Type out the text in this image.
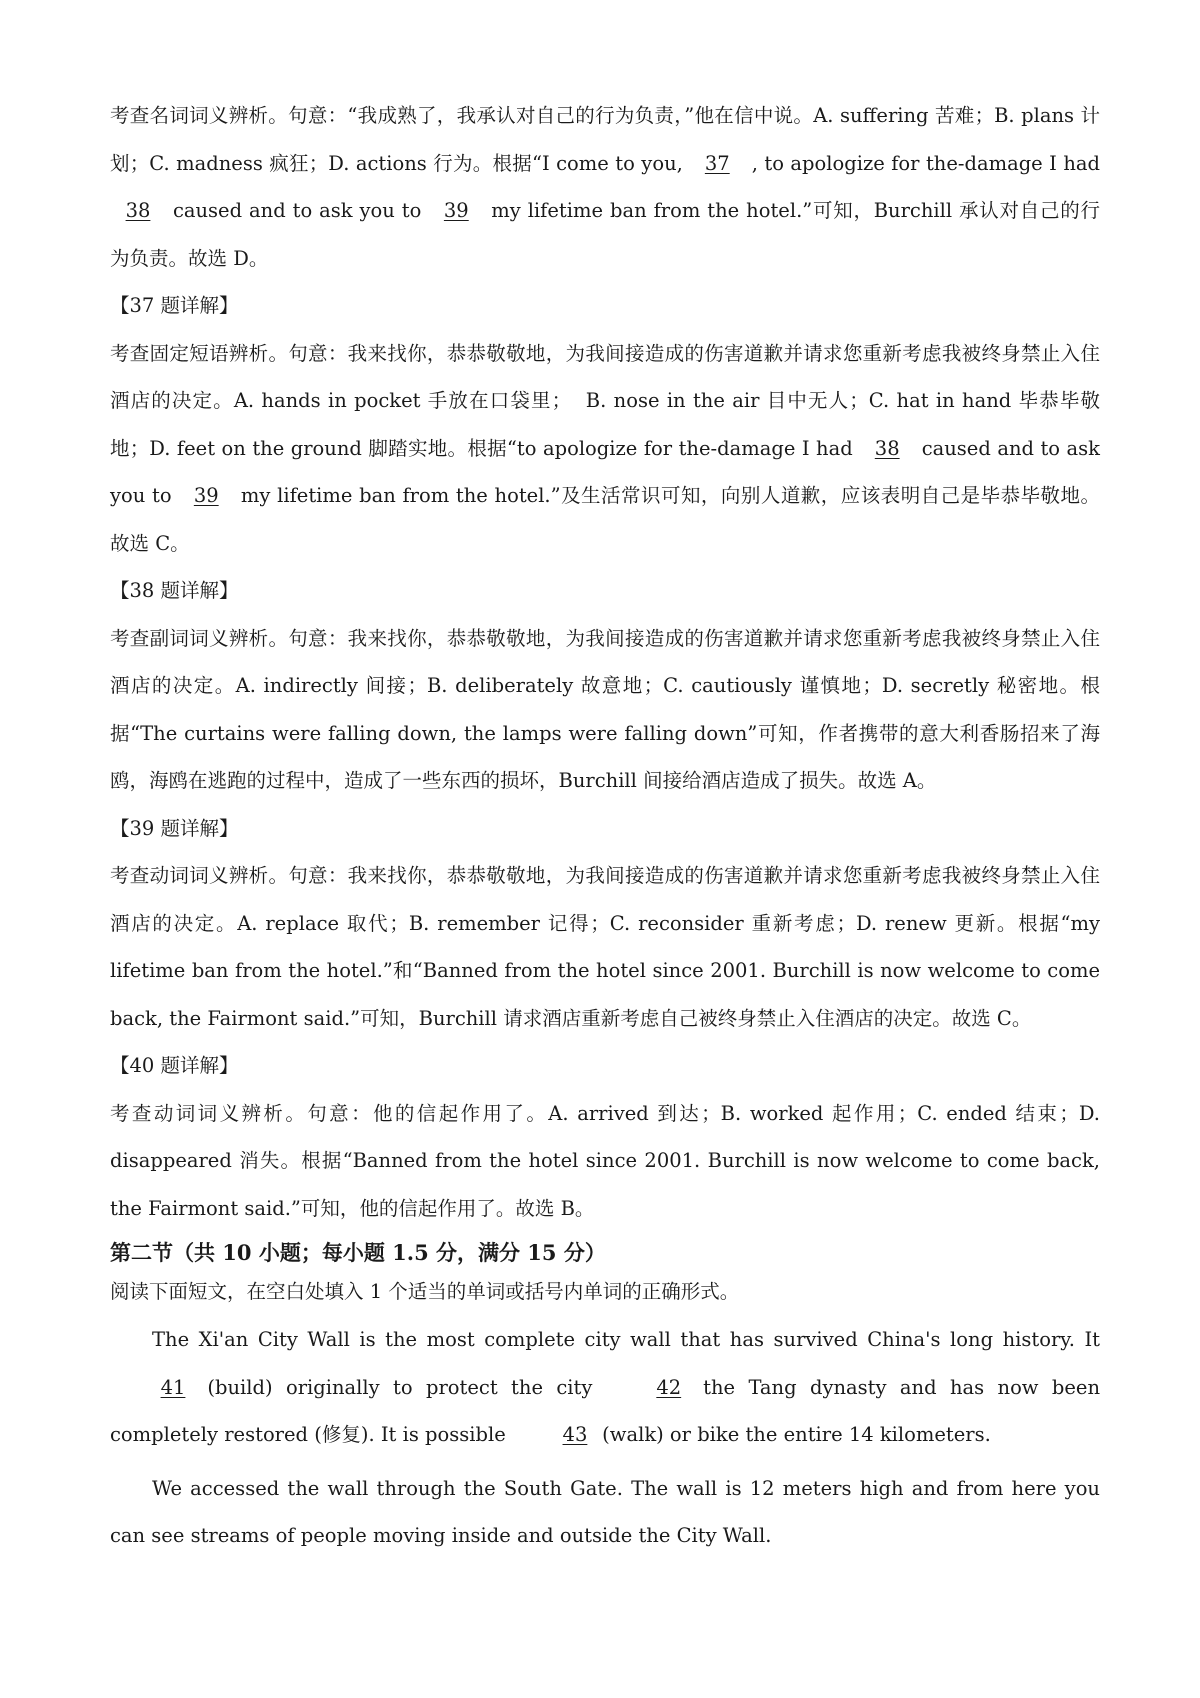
考查名词词义辨析。句意：“我成熟了，我承认对自己的行为负责，”他在信中说。A. suffering 苦难；B. plans 计划；C. madness 疯狂；D. actions 行为。根据“I come to you, 37 , to apologize for the-damage I had 38 caused and to ask you to 39 my lifetime ban from the hotel.”可知，Burchill 承认对自己的行为负责。故选 D。

【37 题详解】

考查固定短语辨析。句意：我来找你，恭恭敬敬地，为我间接造成的伤害道歉并请求您重新考虑我被终身禁止入住酒店的决定。A. hands in pocket 手放在口袋里；  B. nose in the air 目中无人；C. hat in hand 毕恭毕敬地；D. feet on the ground 脚踏实地。根据“to apologize for the-damage I had 38 caused and to ask you to 39 my lifetime ban from the hotel.”及生活常识可知，向别人道歉，应该表明自己是毕恭毕敬地。故选 C。

【38 题详解】

考查副词词义辨析。句意：我来找你，恭恭敬敬地，为我间接造成的伤害道歉并请求您重新考虑我被终身禁止入住酒店的决定。A. indirectly 间接；B. deliberately 故意地；C. cautiously 谨慎地；D. secretly 秘密地。根据“The curtains were falling down, the lamps were falling down”可知，作者携带的意大利香肠招来了海鸥，海鸥在逃跑的过程中，造成了一些东西的损坏，Burchill 间接给酒店造成了损失。故选 A。

【39 题详解】

考查动词词义辨析。句意：我来找你，恭恭敬敬地，为我间接造成的伤害道歉并请求您重新考虑我被终身禁止入住酒店的决定。A. replace 取代；B. remember 记得；C. reconsider 重新考虑；D. renew 更新。根据“my lifetime ban from the hotel.”和“Banned from the hotel since 2001. Burchill is now welcome to come back, the Fairmont said.”可知，Burchill 请求酒店重新考虑自己被终身禁止入住酒店的决定。故选 C。

【40 题详解】

考查动词词义辨析。句意：他的信起作用了。A. arrived 到达；B. worked 起作用；C. ended 结束；D. disappeared 消失。根据“Banned from the hotel since 2001. Burchill is now welcome to come back, the Fairmont said.”可知，他的信起作用了。故选 B。

第二节（共 10 小题；每小题 1.5 分，满分 15 分）

阅读下面短文，在空白处填入 1 个适当的单词或括号内单词的正确形式。

The Xi'an City Wall is the most complete city wall that has survived China's long history. It 41 (build) originally to protect the city	42 the Tang dynasty and has now been completely restored (修复). It is possible	43 (walk) or bike the entire 14 kilometers.

We accessed the wall through the South Gate. The wall is 12 meters high and from here you can see streams of people moving inside and outside the City Wall.
